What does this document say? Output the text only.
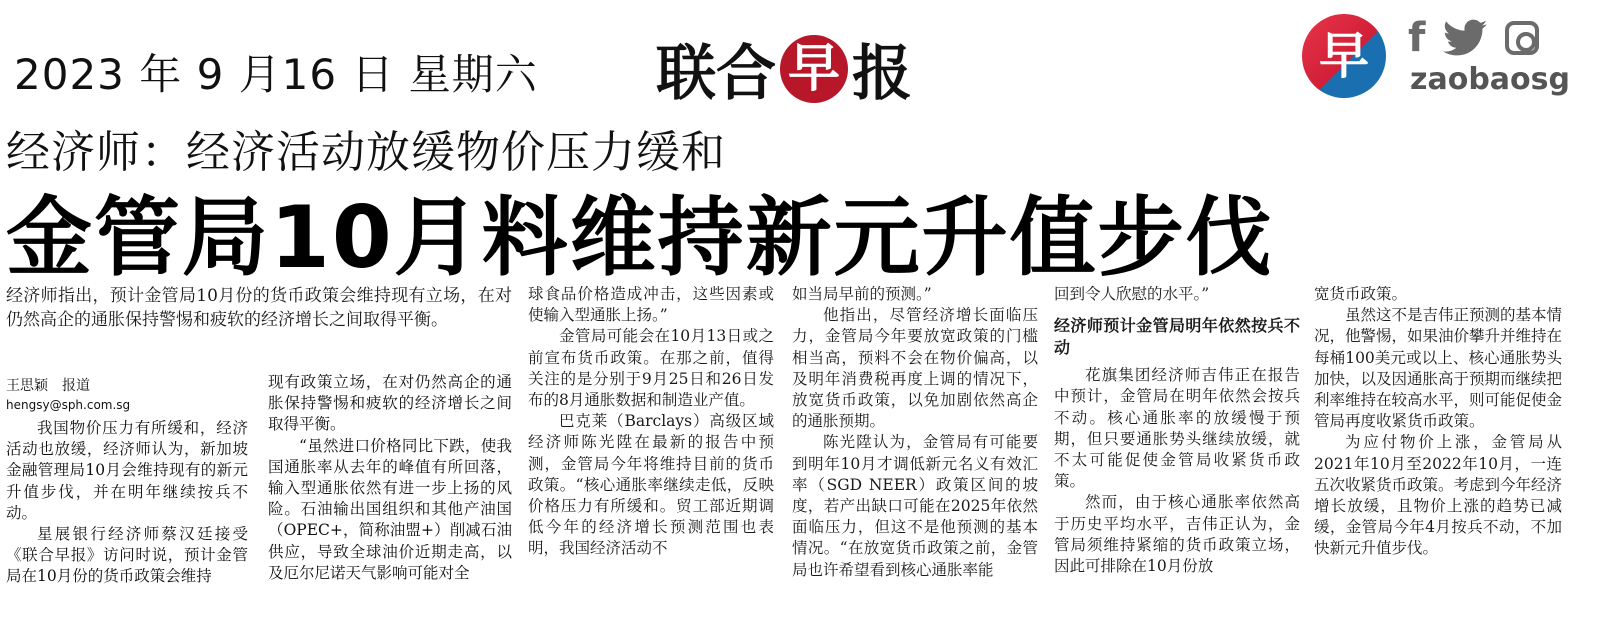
2023 年 9 月16 日 星期六 联合 早 报	早 f
zaobaosg
经济师：经济活动放缓物价压力缓和
金管局10月料维持新元升值步伐

经济师指出，预计金管局10月份的货币政策会维持现有立场，在对仍然高企的通胀保持警惕和疲软的经济增长之间取得平衡。

王思颖　报道
hengsy@sph.com.sg

我国物价压力有所缓和，经济活动也放缓，经济师认为，新加坡金融管理局10月会维持现有的新元升值步伐，并在明年继续按兵不动。

星展银行经济师蔡汉廷接受《联合早报》访问时说，预计金管局在10月份的货币政策会维持

现有政策立场，在对仍然高企的通胀保持警惕和疲软的经济增长之间取得平衡。

“虽然进口价格同比下跌，使我国通胀率从去年的峰值有所回落，输入型通胀依然有进一步上扬的风险。石油输出国组织和其他产油国（OPEC+，简称油盟+）削减石油供应，导致全球油价近期走高，以及厄尔尼诺天气影响可能对全

球食品价格造成冲击，这些因素或使输入型通胀上扬。”

金管局可能会在10月13日或之前宣布货币政策。在那之前，值得关注的是分别于9月25日和26日发布的8月通胀数据和制造业产值。

巴克莱（Barclays）高级区域经济师陈光陞在最新的报告中预测，金管局今年将维持目前的货币政策。“核心通胀率继续走低，反映价格压力有所缓和。贸工部近期调低今年的经济增长预测范围也表明，我国经济活动不

如当局早前的预测。”

他指出，尽管经济增长面临压力，金管局今年要放宽政策的门槛相当高，预料不会在物价偏高，以及明年消费税再度上调的情况下，放宽货币政策，以免加剧依然高企的通胀预期。

陈光陞认为，金管局有可能要到明年10月才调低新元名义有效汇率（SGD NEER）政策区间的坡度，若产出缺口可能在2025年依然面临压力，但这不是他预测的基本情况。“在放宽货币政策之前，金管局也许希望看到核心通胀率能

回到令人欣慰的水平。”

经济师预计金管局明年依然按兵不动

花旗集团经济师吉伟正在报告中预计，金管局在明年依然会按兵不动。核心通胀率的放缓慢于预期，但只要通胀势头继续放缓，就不太可能促使金管局收紧货币政策。

然而，由于核心通胀率依然高于历史平均水平，吉伟正认为，金管局须维持紧缩的货币政策立场，因此可排除在10月份放

宽货币政策。

虽然这不是吉伟正预测的基本情况，他警惕，如果油价攀升并维持在每桶100美元或以上、核心通胀势头加快，以及因通胀高于预期而继续把利率维持在较高水平，则可能促使金管局再度收紧货币政策。

为应付物价上涨，金管局从2021年10月至2022年10月，一连五次收紧货币政策。考虑到今年经济增长放缓，且物价上涨的趋势已减缓，金管局今年4月按兵不动，不加快新元升值步伐。
